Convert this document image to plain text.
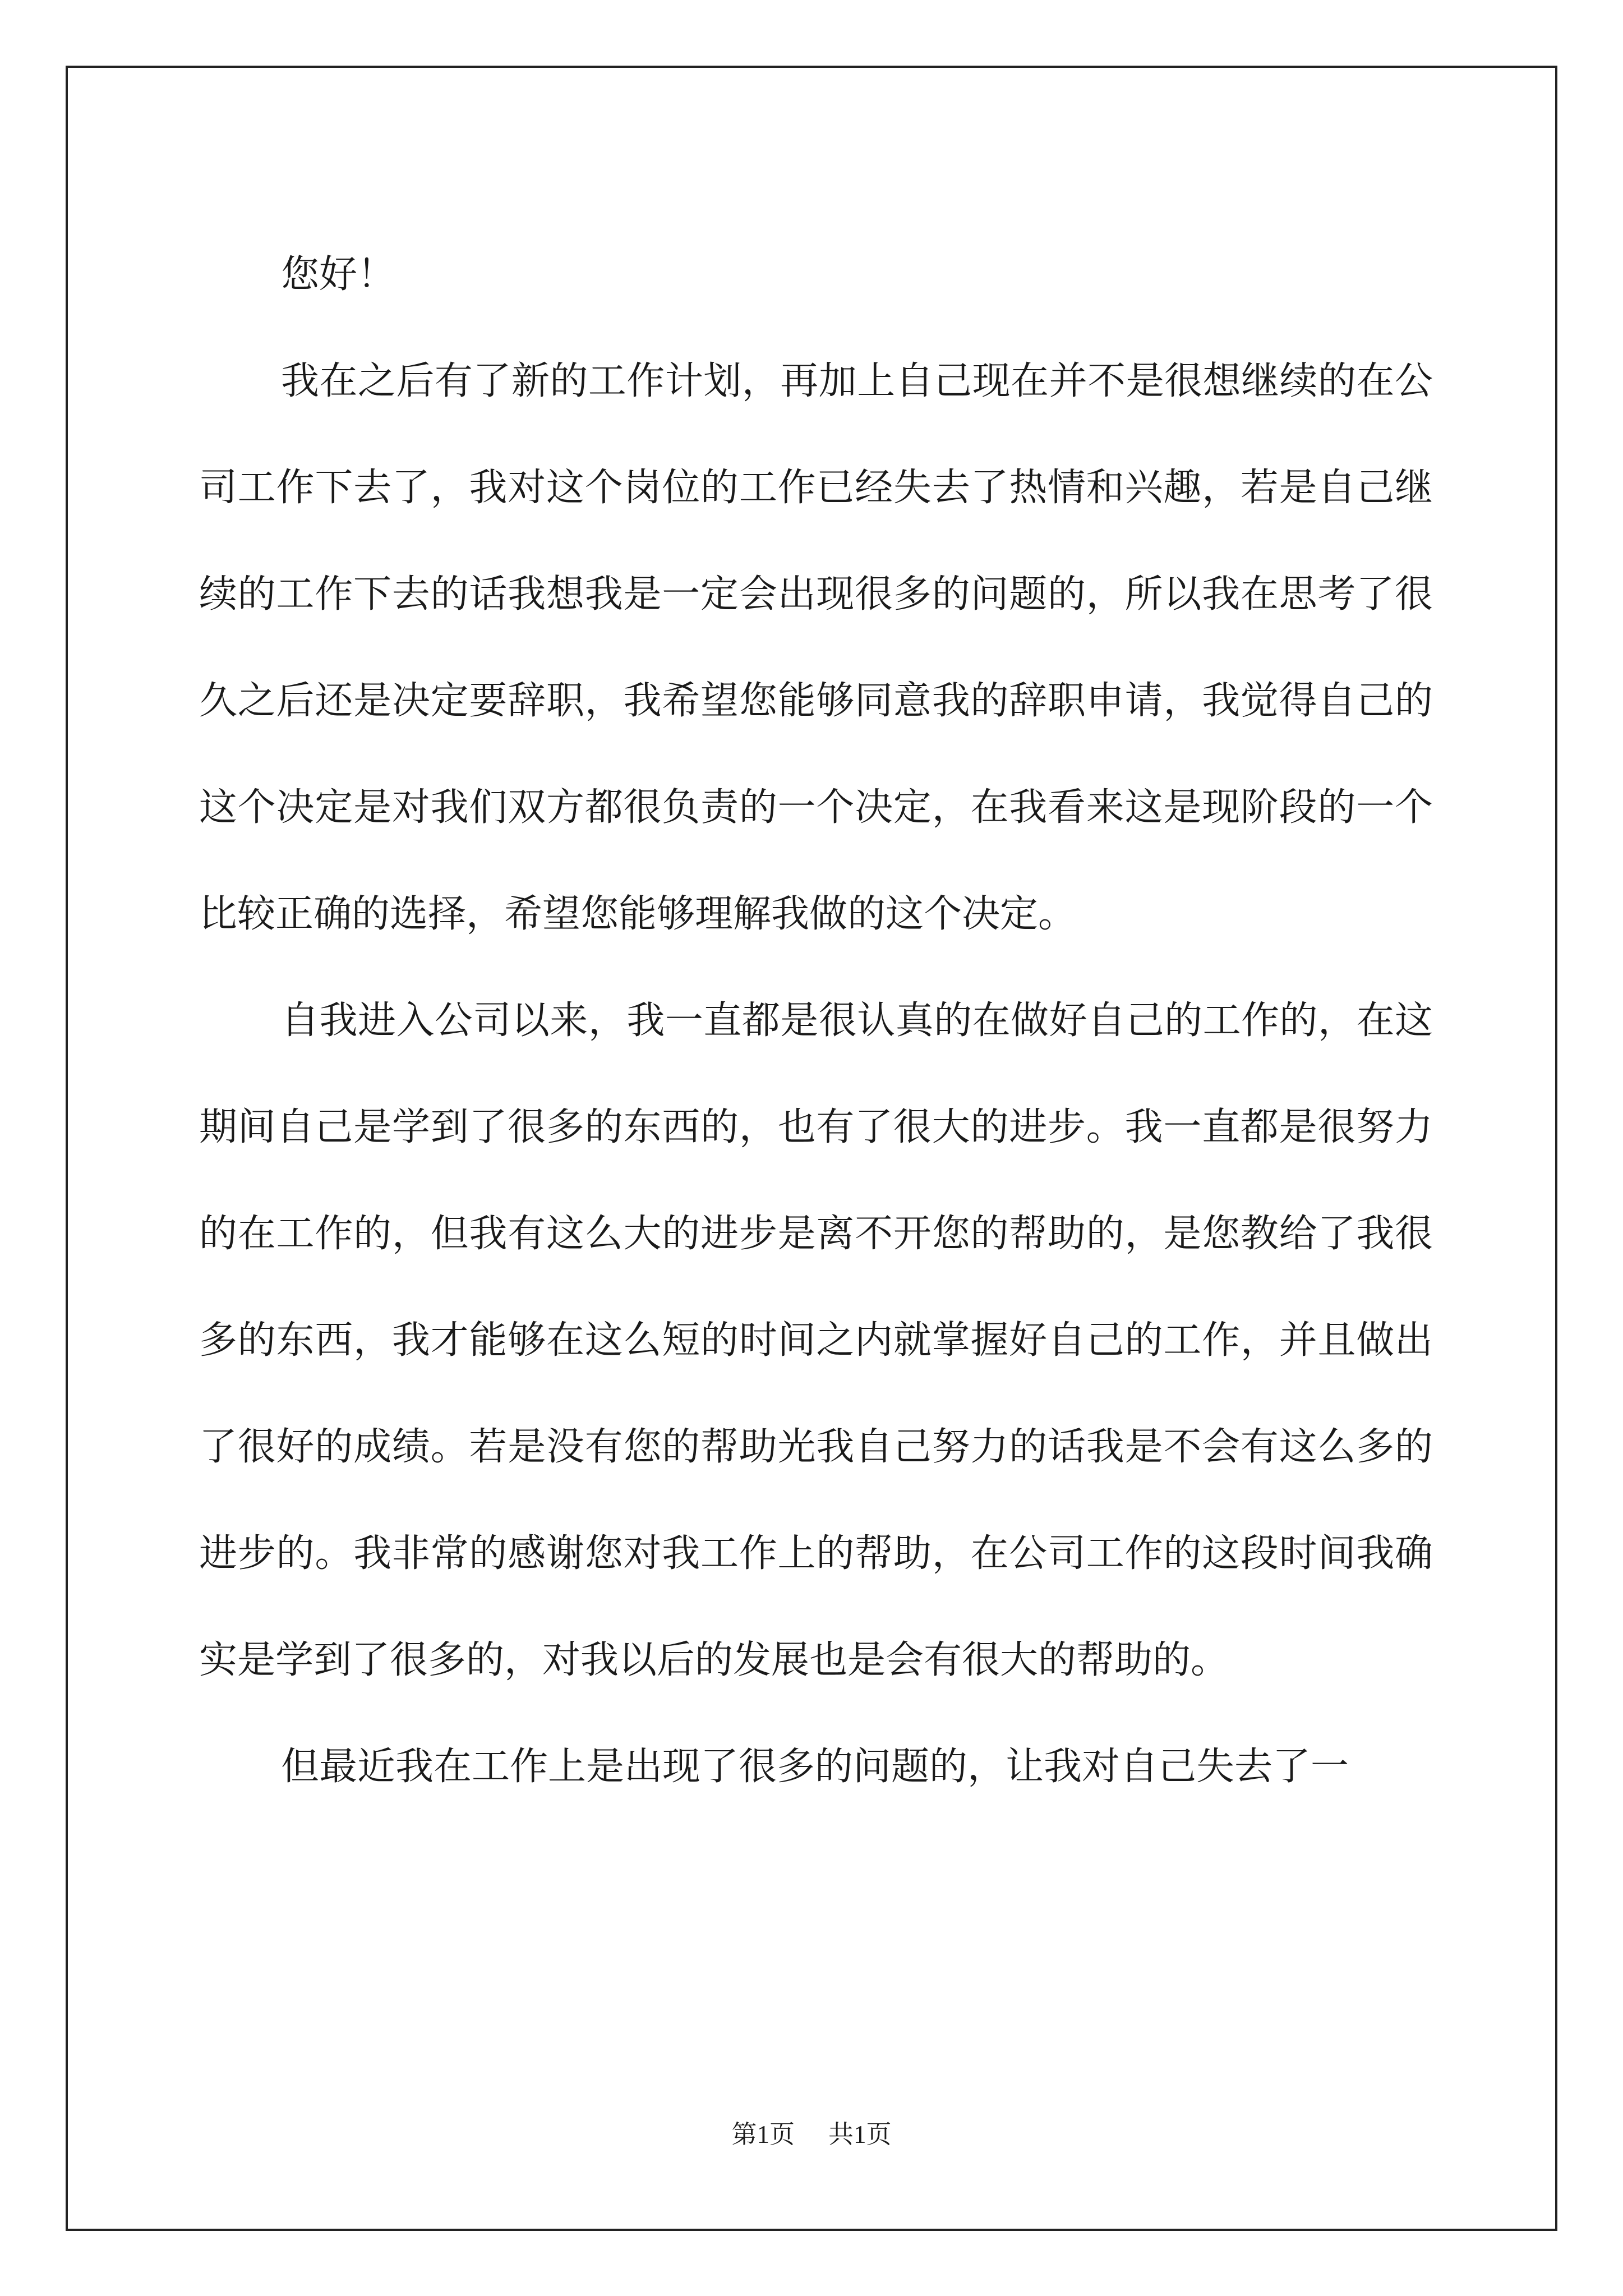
您好！

我在之后有了新的工作计划，再加上自己现在并不是很想继续的在公司工作下去了，我对这个岗位的工作已经失去了热情和兴趣，若是自己继续的工作下去的话我想我是一定会出现很多的问题的，所以我在思考了很久之后还是决定要辞职，我希望您能够同意我的辞职申请，我觉得自己的这个决定是对我们双方都很负责的一个决定，在我看来这是现阶段的一个比较正确的选择，希望您能够理解我做的这个决定。

自我进入公司以来，我一直都是很认真的在做好自己的工作的，在这期间自己是学到了很多的东西的，也有了很大的进步。我一直都是很努力的在工作的，但我有这么大的进步是离不开您的帮助的，是您教给了我很多的东西，我才能够在这么短的时间之内就掌握好自己的工作，并且做出了很好的成绩。若是没有您的帮助光我自己努力的话我是不会有这么多的进步的。我非常的感谢您对我工作上的帮助，在公司工作的这段时间我确实是学到了很多的，对我以后的发展也是会有很大的帮助的。

但最近我在工作上是出现了很多的问题的，让我对自己失去了一

第1页 共1页
